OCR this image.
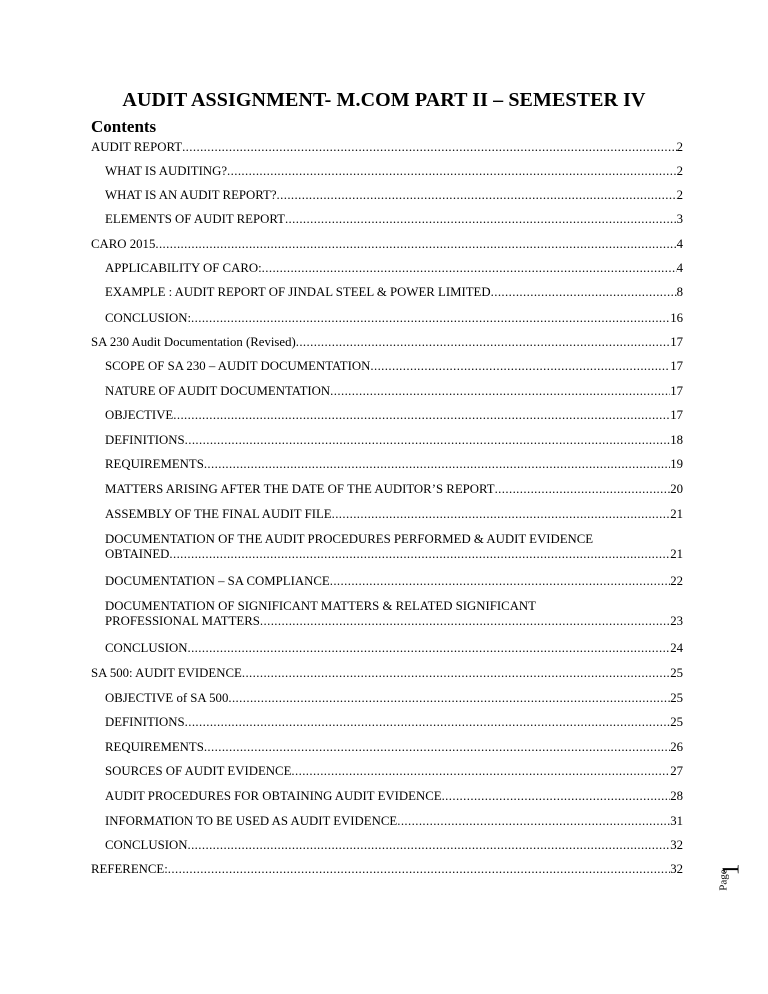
AUDIT ASSIGNMENT- M.COM PART II – SEMESTER IV
Contents
AUDIT REPORT .....	2
WHAT IS AUDITING? .....	2
WHAT IS AN AUDIT REPORT? .....	2
ELEMENTS OF AUDIT REPORT .....	3
CARO 2015 .....	4
APPLICABILITY OF CARO: .....	4
EXAMPLE : AUDIT REPORT OF JINDAL STEEL & POWER LIMITED .....	8
CONCLUSION: .....	16
SA 230 Audit Documentation (Revised) .....	17
SCOPE OF SA 230 – AUDIT DOCUMENTATION .....	17
NATURE OF AUDIT DOCUMENTATION .....	17
OBJECTIVE .....	17
DEFINITIONS .....	18
REQUIREMENTS .....	19
MATTERS ARISING AFTER THE DATE OF THE AUDITOR’S REPORT .....	20
ASSEMBLY OF THE FINAL AUDIT FILE .....	21
DOCUMENTATION OF THE AUDIT PROCEDURES PERFORMED & AUDIT EVIDENCE
OBTAINED .....	21
DOCUMENTATION – SA COMPLIANCE .....	22
DOCUMENTATION OF SIGNIFICANT MATTERS & RELATED SIGNIFICANT
PROFESSIONAL MATTERS .....	23
CONCLUSION .....	24
SA 500: AUDIT EVIDENCE .....	25
OBJECTIVE of SA 500 .....	25
DEFINITIONS .....	25
REQUIREMENTS .....	26
SOURCES OF AUDIT EVIDENCE .....	27
AUDIT PROCEDURES FOR OBTAINING AUDIT EVIDENCE .....	28
INFORMATION TO BE USED AS AUDIT EVIDENCE .....	31
CONCLUSION .....	32
REFERENCE: .....	32 1
Page
